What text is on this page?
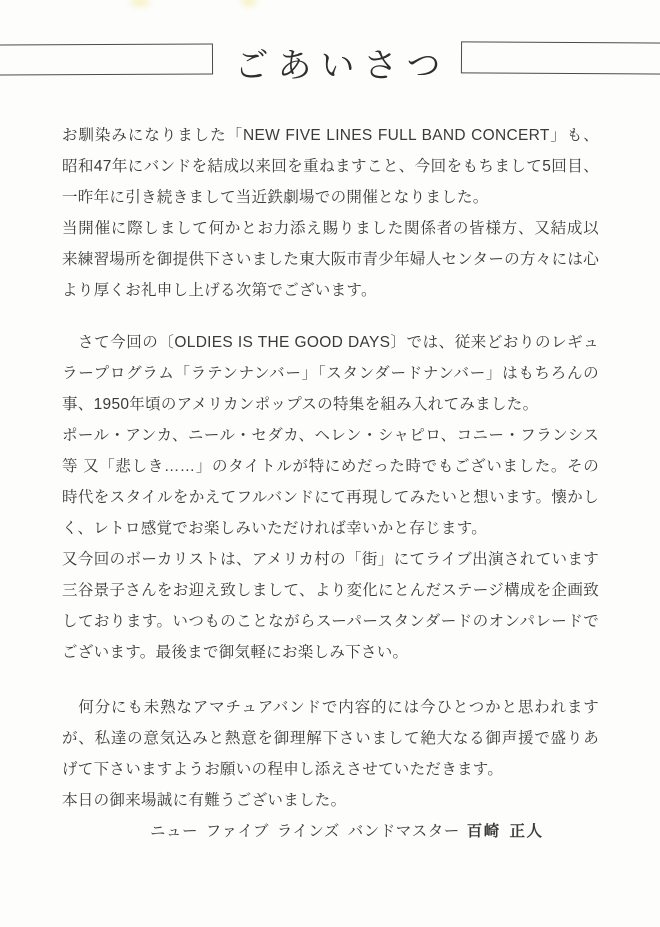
ごあいさつ

お馴染みになりました「NEW FIVE LINES FULL BAND CONCERT」も、昭和47年にバンドを結成以来回を重ねますこと、今回をもちまして5回目、一昨年に引き続きまして当近鉄劇場での開催となりました。

当開催に際しまして何かとお力添え賜りました関係者の皆様方、又結成以来練習場所を御提供下さいました東大阪市青少年婦人センターの方々には心より厚くお礼申し上げる次第でございます。

　さて今回の〔OLDIES IS THE GOOD DAYS〕では、従来どおりのレギュラープログラム「ラテンナンバー」「スタンダードナンバー」はもちろんの事、1950年頃のアメリカンポップスの特集を組み入れてみました。

ポール・アンカ、ニール・セダカ、ヘレン・シャピロ、コニー・フランシス 等 又「悲しき……」のタイトルが特にめだった時でもございました。その時代をスタイルをかえてフルバンドにて再現してみたいと想います。懐かしく、レトロ感覚でお楽しみいただければ幸いかと存じます。

又今回のボーカリストは、アメリカ村の「街」にてライブ出演されています三谷景子さんをお迎え致しまして、より変化にとんだステージ構成を企画致しております。いつものことながらスーパースタンダードのオンパレードでございます。最後まで御気軽にお楽しみ下さい。

　何分にも未熟なアマチュアバンドで内容的には今ひとつかと思われますが、私達の意気込みと熱意を御理解下さいまして絶大なる御声援で盛りあげて下さいますようお願いの程申し添えさせていただきます。

本日の御来場誠に有難うございました。

ニュー ファイブ ラインズ バンドマスター 百崎 正人
